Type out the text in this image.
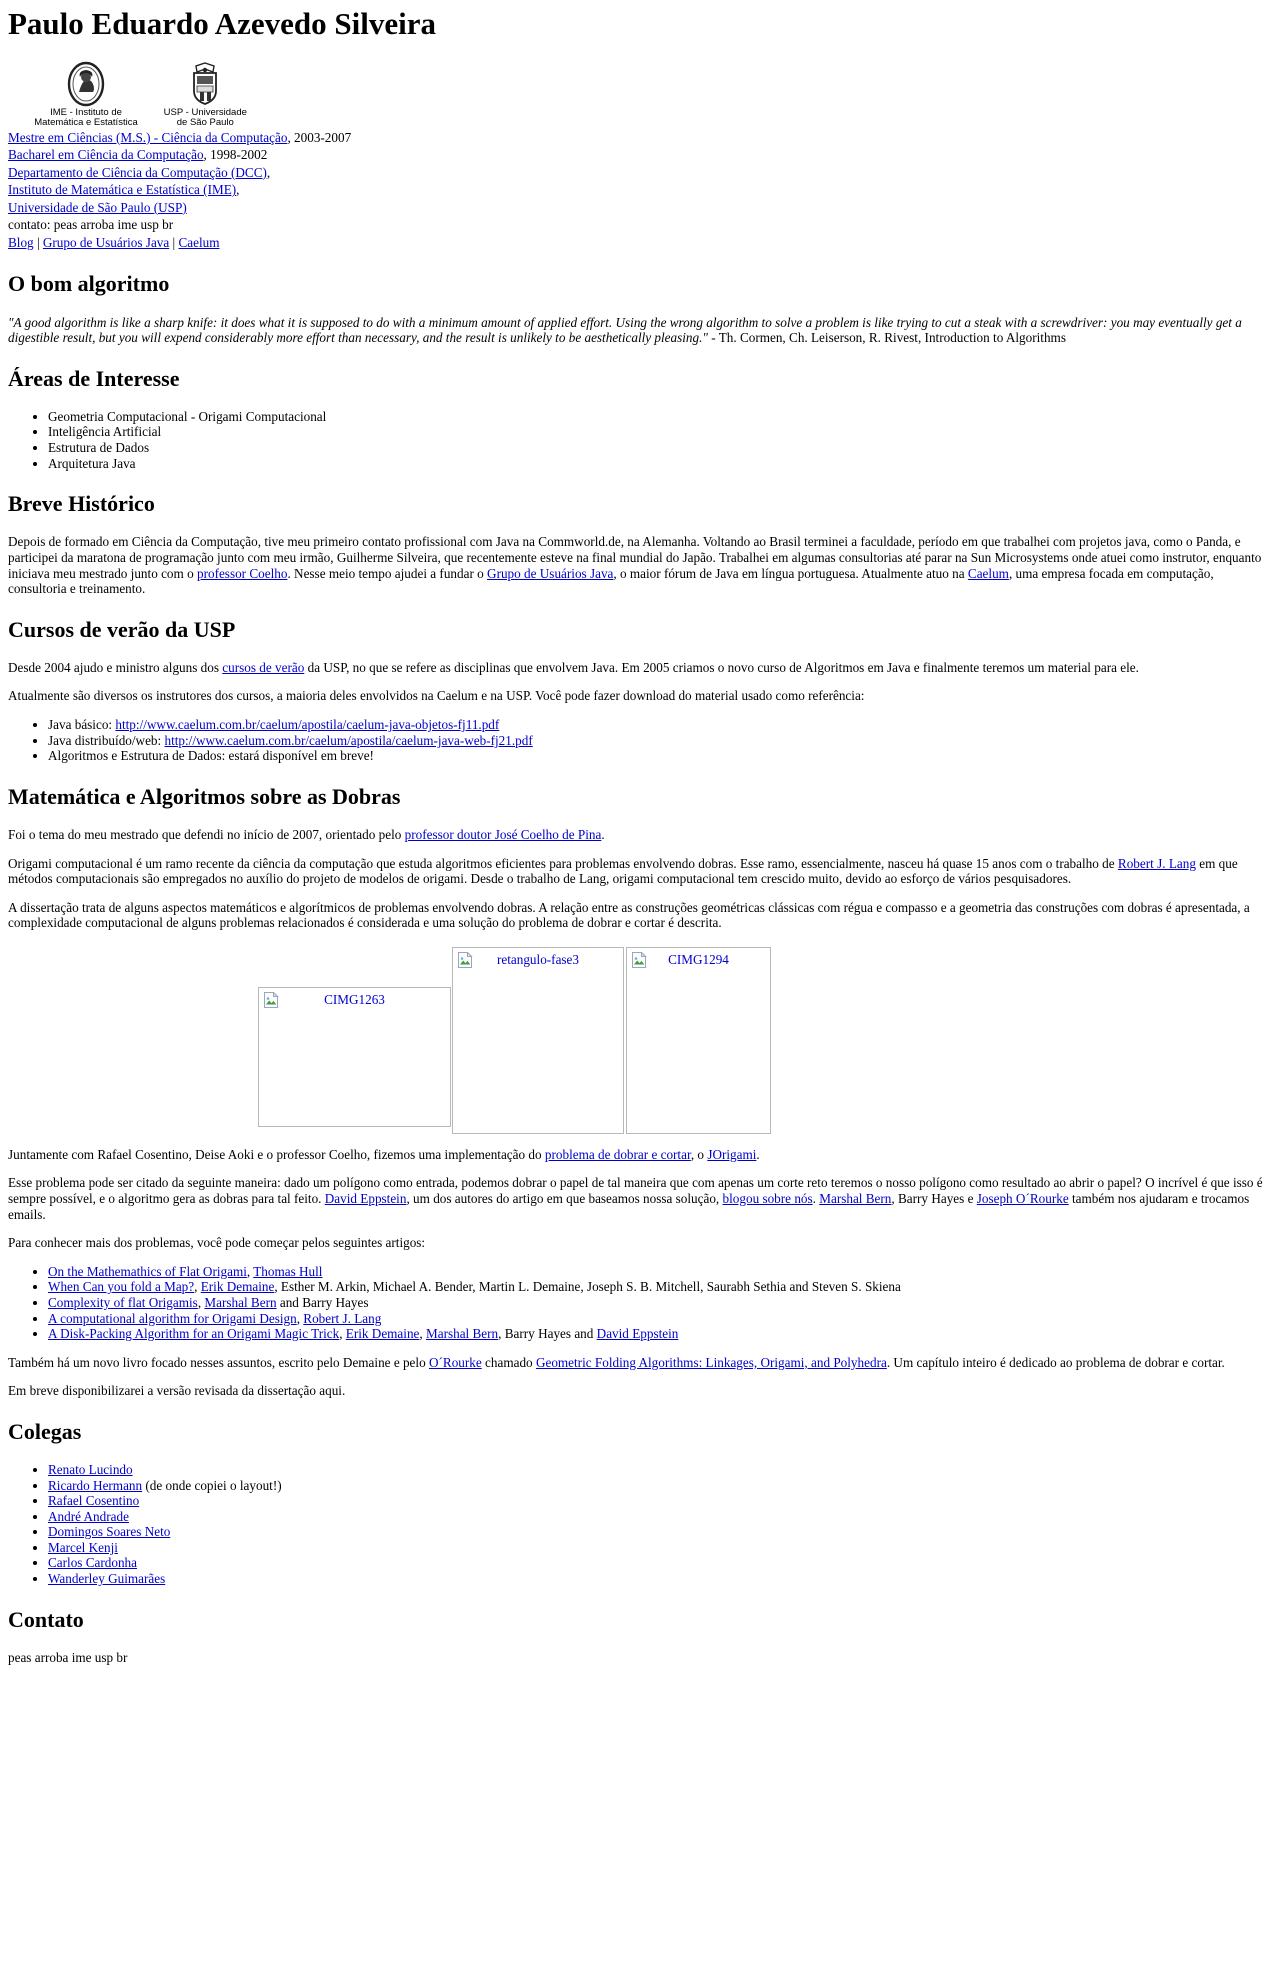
Paulo Eduardo Azevedo Silveira
IME - Instituto de
Matemática e Estatística
USP - Universidade
de São Paulo
Mestre em Ciências (M.S.) - Ciência da Computação, 2003-2007
Bacharel em Ciência da Computação, 1998-2002
Departamento de Ciência da Computação (DCC),
Instituto de Matemática e Estatística (IME),
Universidade de São Paulo (USP)
contato: peas arroba ime usp br
Blog | Grupo de Usuários Java | Caelum
O bom algoritmo
"A good algorithm is like a sharp knife: it does what it is supposed to do with a minimum amount of applied effort. Using the wrong algorithm to solve a problem is like trying to cut a steak with a screwdriver: you may eventually get a digestible result, but you will expend considerably more effort than necessary, and the result is unlikely to be aesthetically pleasing." - Th. Cormen, Ch. Leiserson, R. Rivest, Introduction to Algorithms
Áreas de Interesse
• Geometria Computacional - Origami Computacional
• Inteligência Artificial
• Estrutura de Dados
• Arquitetura Java
Breve Histórico

Depois de formado em Ciência da Computação, tive meu primeiro contato profissional com Java na Commworld.de, na Alemanha. Voltando ao Brasil terminei a faculdade, período em que trabalhei com projetos java, como o Panda, e participei da maratona de programação junto com meu irmão, Guilherme Silveira, que recentemente esteve na final mundial do Japão. Trabalhei em algumas consultorias até parar na Sun Microsystems onde atuei como instrutor, enquanto iniciava meu mestrado junto com o professor Coelho. Nesse meio tempo ajudei a fundar o Grupo de Usuários Java, o maior fórum de Java em língua portuguesa. Atualmente atuo na Caelum, uma empresa focada em computação, consultoria e treinamento.

Cursos de verão da USP

Desde 2004 ajudo e ministro alguns dos cursos de verão da USP, no que se refere as disciplinas que envolvem Java. Em 2005 criamos o novo curso de Algoritmos em Java e finalmente teremos um material para ele.

Atualmente são diversos os instrutores dos cursos, a maioria deles envolvidos na Caelum e na USP. Você pode fazer download do material usado como referência:

• Java básico: http://www.caelum.com.br/caelum/apostila/caelum-java-objetos-fj11.pdf
• Java distribuído/web: http://www.caelum.com.br/caelum/apostila/caelum-java-web-fj21.pdf
• Algoritmos e Estrutura de Dados: estará disponível em breve!
Matemática e Algoritmos sobre as Dobras

Foi o tema do meu mestrado que defendi no início de 2007, orientado pelo professor doutor José Coelho de Pina.

Origami computacional é um ramo recente da ciência da computação que estuda algoritmos eficientes para problemas envolvendo dobras. Esse ramo, essencialmente, nasceu há quase 15 anos com o trabalho de Robert J. Lang em que métodos computacionais são empregados no auxílio do projeto de modelos de origami. Desde o trabalho de Lang, origami computacional tem crescido muito, devido ao esforço de vários pesquisadores.

A dissertação trata de alguns aspectos matemáticos e algorítmicos de problemas envolvendo dobras. A relação entre as construções geométricas clássicas com régua e compasso e a geometria das construções com dobras é apresentada, a complexidade computacional de alguns problemas relacionados é considerada e uma solução do problema de dobrar e cortar é descrita.

CIMG1263
retangulo-fase3	CIMG1294

Juntamente com Rafael Cosentino, Deise Aoki e o professor Coelho, fizemos uma implementação do problema de dobrar e cortar, o JOrigami.

Esse problema pode ser citado da seguinte maneira: dado um polígono como entrada, podemos dobrar o papel de tal maneira que com apenas um corte reto teremos o nosso polígono como resultado ao abrir o papel? O incrível é que isso é sempre possível, e o algoritmo gera as dobras para tal feito. David Eppstein, um dos autores do artigo em que baseamos nossa solução, blogou sobre nós. Marshal Bern, Barry Hayes e Joseph O´Rourke também nos ajudaram e trocamos emails.

Para conhecer mais dos problemas, você pode começar pelos seguintes artigos:

• On the Mathemathics of Flat Origami, Thomas Hull
• When Can you fold a Map?, Erik Demaine, Esther M. Arkin, Michael A. Bender, Martin L. Demaine, Joseph S. B. Mitchell, Saurabh Sethia and Steven S. Skiena
• Complexity of flat Origamis, Marshal Bern and Barry Hayes
• A computational algorithm for Origami Design, Robert J. Lang
• A Disk-Packing Algorithm for an Origami Magic Trick, Erik Demaine, Marshal Bern, Barry Hayes and David Eppstein

Também há um novo livro focado nesses assuntos, escrito pelo Demaine e pelo O´Rourke chamado Geometric Folding Algorithms: Linkages, Origami, and Polyhedra. Um capítulo inteiro é dedicado ao problema de dobrar e cortar.

Em breve disponibilizarei a versão revisada da dissertação aqui.

Colegas
• Renato Lucindo
• Ricardo Hermann (de onde copiei o layout!)
• Rafael Cosentino
• André Andrade
• Domingos Soares Neto
• Marcel Kenji
• Carlos Cardonha
• Wanderley Guimarães
Contato

peas arroba ime usp br
